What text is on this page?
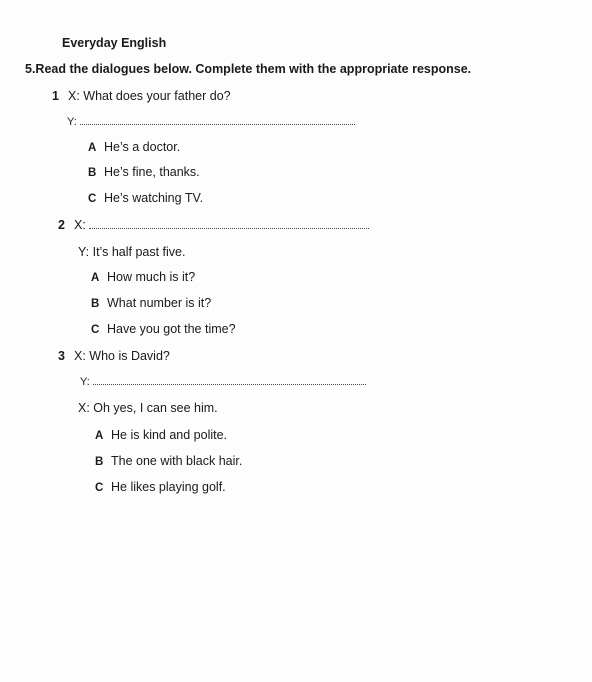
Everyday English
5.Read the dialogues below. Complete them with the appropriate response.
1 X: What does your father do?
Y:
A He’s a doctor.
B He’s fine, thanks.
C He’s watching TV.
2 X:
Y: It’s half past five.
A How much is it?
B What number is it?
C Have you got the time?
3 X: Who is David?
Y:
X: Oh yes, I can see him.
A He is kind and polite.
B The one with black hair.
C He likes playing golf.
